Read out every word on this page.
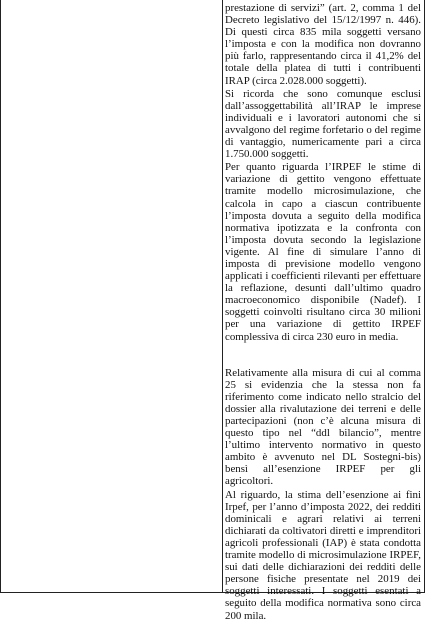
prestazione di servizi” (art. 2, comma 1 del Decreto legislativo del 15/12/1997 n. 446). Di questi circa 835 mila soggetti versano l’imposta e con la modifica non dovranno più farlo, rappresentando circa il 41,2% del totale della platea di tutti i contribuenti IRAP (circa 2.028.000 soggetti).

Si ricorda che sono comunque esclusi dall’assoggettabilità all’IRAP le imprese individuali e i lavoratori autonomi che si avvalgono del regime forfetario o del regime di vantaggio, numericamente pari a circa 1.750.000 soggetti.

Per quanto riguarda l’IRPEF le stime di variazione di gettito vengono effettuate tramite modello microsimulazione, che calcola in capo a ciascun contribuente l’imposta dovuta a seguito della modifica normativa ipotizzata e la confronta con l’imposta dovuta secondo la legislazione vigente. Al fine di simulare l’anno di imposta di previsione modello vengono applicati i coefficienti rilevanti per effettuare la reflazione, desunti dall’ultimo quadro macroeconomico disponibile (Nadef). I soggetti coinvolti risultano circa 30 milioni per una variazione di gettito IRPEF complessiva di circa 230 euro in media.

Relativamente alla misura di cui al comma 25 si evidenzia che la stessa non fa riferimento come indicato nello stralcio del dossier alla rivalutazione dei terreni e delle partecipazioni (non c’è alcuna misura di questo tipo nel “ddl bilancio”, mentre l’ultimo intervento normativo in questo ambito è avvenuto nel DL Sostegni-bis) bensì all’esenzione IRPEF per gli agricoltori.

Al riguardo, la stima dell’esenzione ai fini Irpef, per l’anno d’imposta 2022, dei redditi dominicali e agrari relativi ai terreni dichiarati da coltivatori diretti e imprenditori agricoli professionali (IAP) è stata condotta tramite modello di microsimulazione IRPEF, sui dati delle dichiarazioni dei redditi delle persone fisiche presentate nel 2019 dei soggetti interessati. I soggetti esentati a seguito della modifica normativa sono circa 200 mila.
